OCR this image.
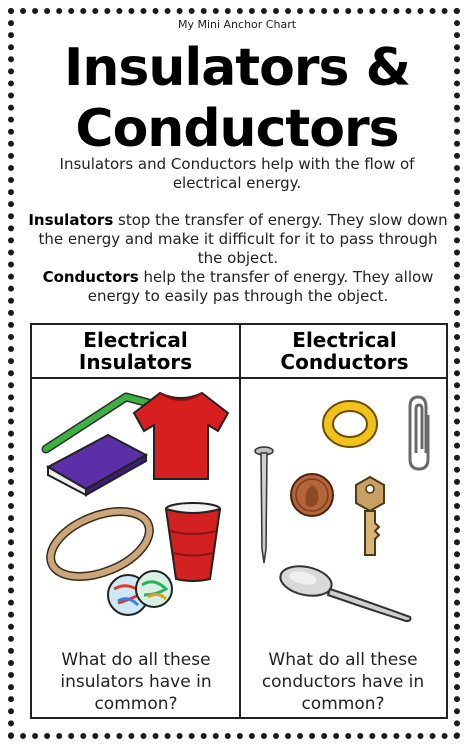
My Mini Anchor Chart
Insulators &
Conductors
Insulators and Conductors help with the flow of electrical energy.
Insulators stop the transfer of energy. They slow down the energy and make it difficult for it to pass through the object.
Conductors help the transfer of energy. They allow energy to easily pas through the object.
Electrical Insulators
Electrical Conductors
What do all these insulators have in common?
What do all these conductors have in common?
